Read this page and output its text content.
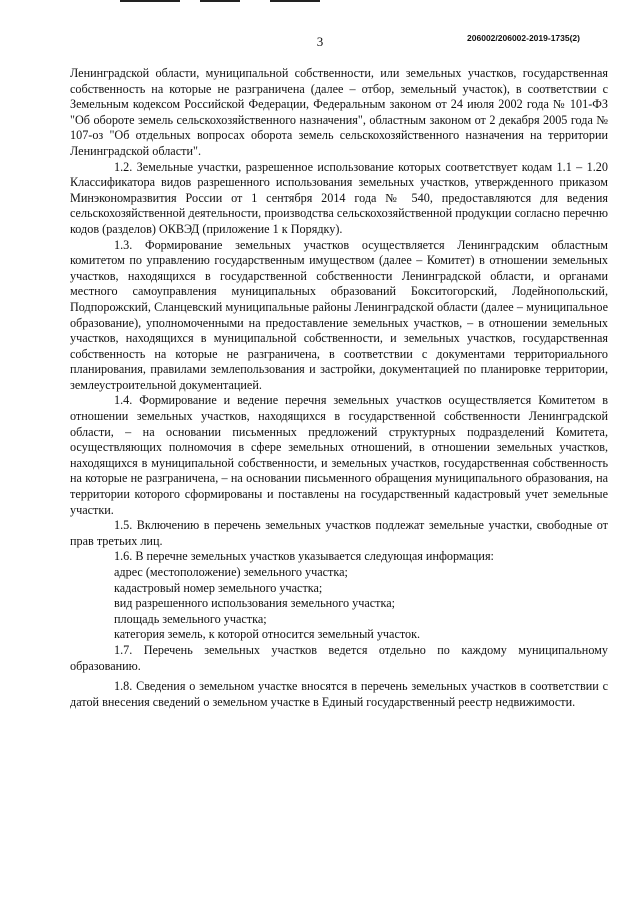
3	206002/206002-2019-1735(2)

Ленинградской области, муниципальной собственности, или земельных участков, государственная собственность на которые не разграничена (далее – отбор, земельный участок), в соответствии с Земельным кодексом Российской Федерации, Федеральным законом от 24 июля 2002 года № 101-ФЗ "Об обороте земель сельскохозяйственного назначения", областным законом от 2 декабря 2005 года № 107-оз "Об отдельных вопросах оборота земель сельскохозяйственного назначения на территории Ленинградской области".

1.2. Земельные участки, разрешенное использование которых соответствует кодам 1.1 – 1.20 Классификатора видов разрешенного использования земельных участков, утвержденного приказом Минэкономразвития России от 1 сентября 2014 года № 540, предоставляются для ведения сельскохозяйственной деятельности, производства сельскохозяйственной продукции согласно перечню кодов (разделов) ОКВЭД (приложение 1 к Порядку).

1.3. Формирование земельных участков осуществляется Ленинградским областным комитетом по управлению государственным имуществом (далее – Комитет) в отношении земельных участков, находящихся в государственной собственности Ленинградской области, и органами местного самоуправления муниципальных образований Бокситогорский, Лодейнопольский, Подпорожский, Сланцевский муниципальные районы Ленинградской области (далее – муниципальное образование), уполномоченными на предоставление земельных участков, – в отношении земельных участков, находящихся в муниципальной собственности, и земельных участков, государственная собственность на которые не разграничена, в соответствии с документами территориального планирования, правилами землепользования и застройки, документацией по планировке территории, землеустроительной документацией.

1.4. Формирование и ведение перечня земельных участков осуществляется Комитетом в отношении земельных участков, находящихся в государственной собственности Ленинградской области, – на основании письменных предложений структурных подразделений Комитета, осуществляющих полномочия в сфере земельных отношений, в отношении земельных участков, находящихся в муниципальной собственности, и земельных участков, государственная собственность на которые не разграничена, – на основании письменного обращения муниципального образования, на территории которого сформированы и поставлены на государственный кадастровый учет земельные участки.

1.5. Включению в перечень земельных участков подлежат земельные участки, свободные от прав третьих лиц.

1.6. В перечне земельных участков указывается следующая информация:

адрес (местоположение) земельного участка;

кадастровый номер земельного участка;

вид разрешенного использования земельного участка;

площадь земельного участка;

категория земель, к которой относится земельный участок.

1.7. Перечень земельных участков ведется отдельно по каждому муниципальному образованию.

1.8. Сведения о земельном участке вносятся в перечень земельных участков в соответствии с датой внесения сведений о земельном участке в Единый государственный реестр недвижимости.
